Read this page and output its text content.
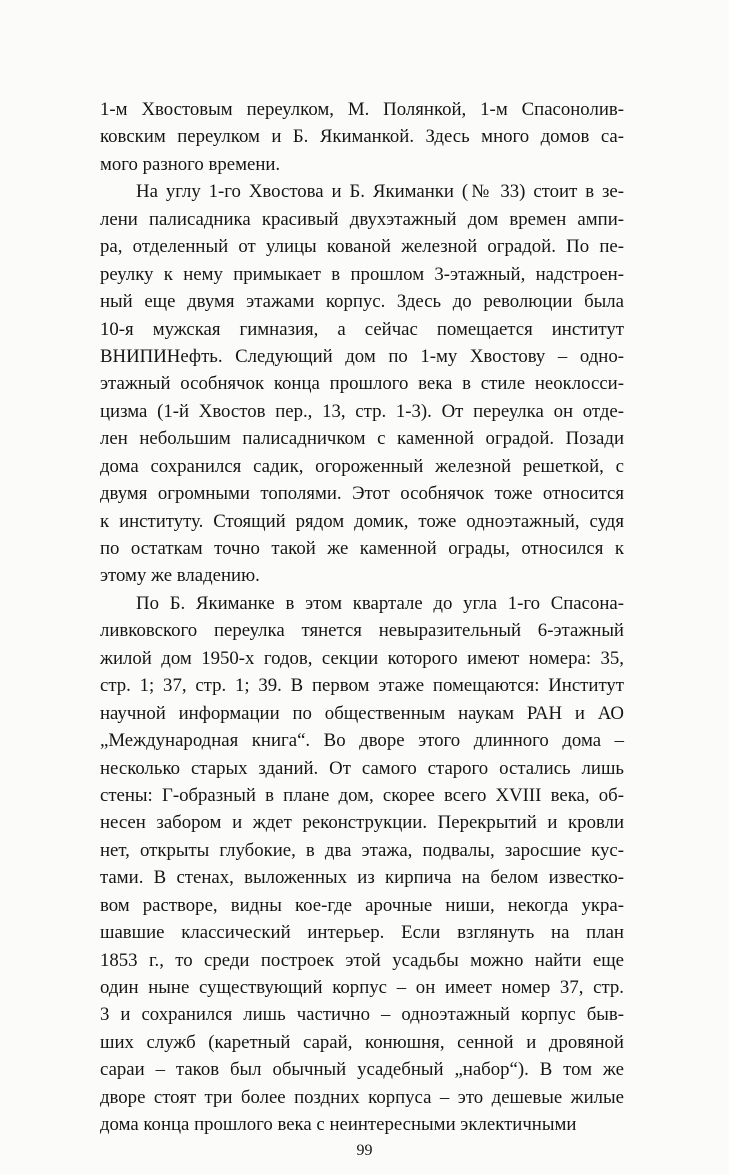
1-м Хвостовым переулком, М. Полянкой, 1-м Спасонолив-
ковским переулком и Б. Якиманкой. Здесь много домов са-
мого разного времени.
На углу 1-го Хвостова и Б. Якиманки (№ 33) стоит в зе-
лени палисадника красивый двухэтажный дом времен ампи-
ра, отделенный от улицы кованой железной оградой. По пе-
реулку к нему примыкает в прошлом 3-этажный, надстроен-
ный еще двумя этажами корпус. Здесь до революции была
10-я мужская гимназия, а сейчас помещается институт
ВНИПИНефть. Следующий дом по 1-му Хвостову – одно-
этажный особнячок конца прошлого века в стиле неоклосси-
цизма (1-й Хвостов пер., 13, стр. 1-3). От переулка он отде-
лен небольшим палисадничком с каменной оградой. Позади
дома сохранился садик, огороженный железной решеткой, с
двумя огромными тополями. Этот особнячок тоже относится
к институту. Стоящий рядом домик, тоже одноэтажный, судя
по остаткам точно такой же каменной ограды, относился к
этому же владению.
По Б. Якиманке в этом квартале до угла 1-го Спасона-
ливковского переулка тянется невыразительный 6-этажный
жилой дом 1950-х годов, секции которого имеют номера: 35,
стр. 1; 37, стр. 1; 39. В первом этаже помещаются: Институт
научной информации по общественным наукам РАН и АО
„Международная книга“. Во дворе этого длинного дома –
несколько старых зданий. От самого старого остались лишь
стены: Г-образный в плане дом, скорее всего XVIII века, об-
несен забором и ждет реконструкции. Перекрытий и кровли
нет, открыты глубокие, в два этажа, подвалы, заросшие кус-
тами. В стенах, выложенных из кирпича на белом известко-
вом растворе, видны кое-где арочные ниши, некогда укра-
шавшие классический интерьер. Если взглянуть на план
1853 г., то среди построек этой усадьбы можно найти еще
один ныне существующий корпус – он имеет номер 37, стр.
3 и сохранился лишь частично – одноэтажный корпус быв-
ших служб (каретный сарай, конюшня, сенной и дровяной
сараи – таков был обычный усадебный „набор“). В том же
дворе стоят три более поздних корпуса – это дешевые жилые
дома конца прошлого века с неинтересными эклектичными
99
